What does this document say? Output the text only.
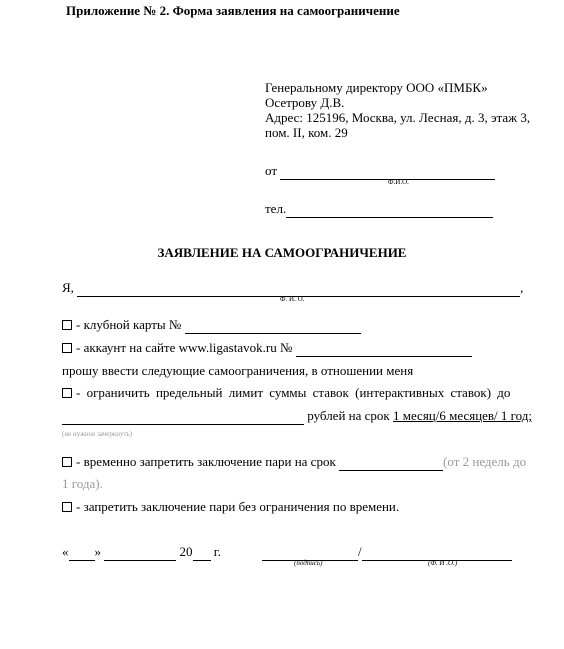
Приложение № 2. Форма заявления на самоограничение
Генеральному директору ООО «ПМБК»
Осетрову Д.В.
Адрес: 125196, Москва, ул. Лесная, д. 3, этаж 3,
пом. II, ком. 29
от
Ф.И.О.
тел.
ЗАЯВЛЕНИЕ НА САМООГРАНИЧЕНИЕ
Я,	,
Ф. И. О.
- клубной карты №
- аккаунт на сайте www.ligastavok.ru №
прошу ввести следующие самоограничения, в отношении меня
- ограничить предельный лимит суммы ставок (интерактивных ставок) до
рублей на срок 1 месяц/6 месяцев/ 1 год;
(не нужное зачеркнуть)
- временно запретить заключение пари на срок	(от 2 недель до
1 года).
- запретить заключение пари без ограничения по времени.
« »	20 г.	/
(подпись)	(Ф. И .О.)
